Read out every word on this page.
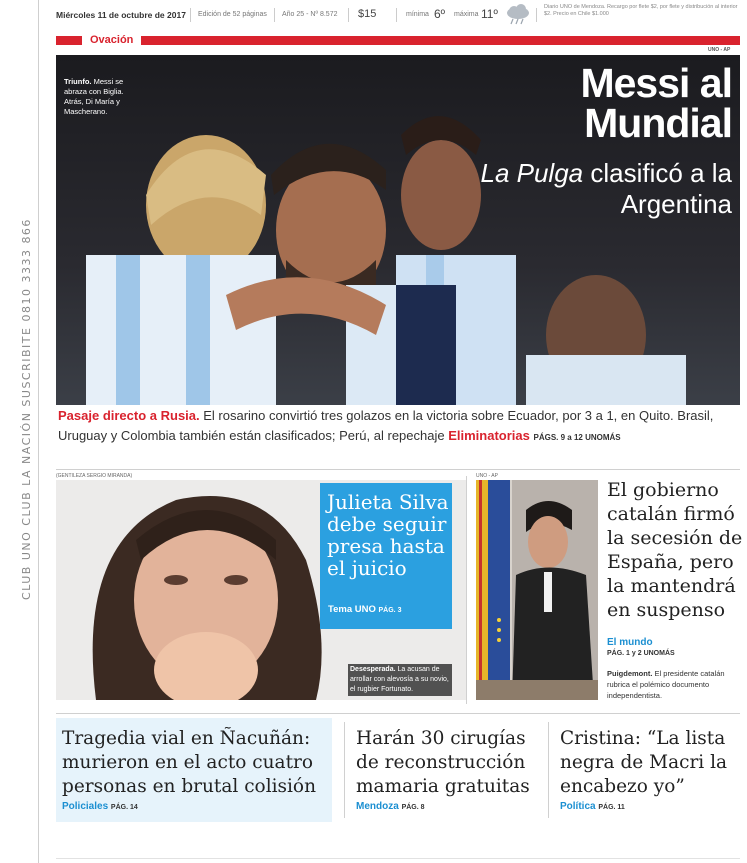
CLUB UNO CLUB LA NACIÓN SUSCRIBITE 0810 3333 866
Miércoles 11 de octubre de 2017 Edición de 52 páginas Año 25 - Nº 8.572 $15	mínima 6º máxima 11º	Diario UNO de Mendoza. Recargo por flete $2, por flete y distribución al interior $2. Precio en Chile $1.000
Ovación
UNO - AP
Triunfo. Messi se abraza con Biglia. Atrás, Di María y Mascherano.
Messi al Mundial
La Pulga clasificó a la Argentina
Pasaje directo a Rusia. El rosarino convirtió tres golazos en la victoria sobre Ecuador, por 3 a 1, en Quito. Brasil, Uruguay y Colombia también están clasificados; Perú, al repechaje Eliminatorias PÁGS. 9 a 12 UNOMÁS
(GENTILEZA SERGIO MIRANDA)
Julieta Silva debe seguir presa hasta el juicio
Tema UNO PÁG. 3
Desesperada. La acusan de arrollar con alevosía a su novio, el rugbier Fortunato.
UNO - AP
El gobierno catalán firmó la secesión de España, pero la mantendrá en suspenso
El mundo
PÁG. 1 y 2 UNOMÁS
Puigdemont. El presidente catalán rubrica el polémico documento independentista.
Tragedia vial en Ñacuñán: murieron en el acto cuatro personas en brutal colisión
Policiales PÁG. 14
Harán 30 cirugías de reconstrucción mamaria gratuitas
Mendoza PÁG. 8
Cristina: “La lista negra de Macri la encabezo yo”
Política PÁG. 11
